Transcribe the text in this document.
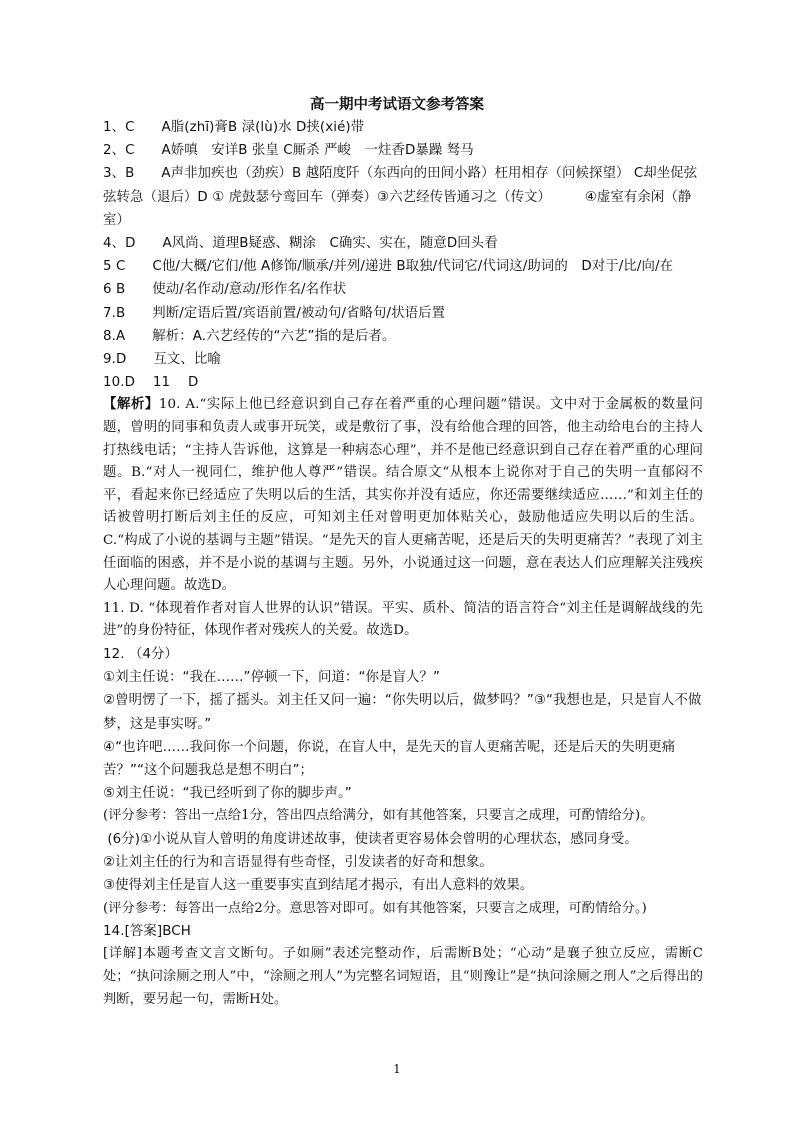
高一期中考试语文参考答案

1、C　　A脂(zhī)膏B 渌(lù)水 D挟(xié)带

2、C　　A娇嗔　安详B 张皇 C厮杀 严峻　一炷香D暴躁 驽马

3、B　　A声非加疾也（劲疾）B 越陌度阡（东西向的田间小路）枉用相存（问候探望） C却坐促弦弦转急（退后）D ① 虎鼓瑟兮鸾回车（弹奏）③六艺经传皆通习之（传文）　　　④虚室有余闲（静室）

4、D　　A风尚、道理B疑惑、糊涂　C确实、实在，随意D回头看

5 C　　C他/大概/它们/他 A修饰/顺承/并列/递进 B取独/代词它/代词这/助词的　D对于/比/向/在

6 B　　使动/名作动/意动/形作名/名作状

7.B　　判断/定语后置/宾语前置/被动句/省略句/状语后置

8.A　　解析：A.六艺经传的“六艺”指的是后者。

9.D　　互文、比喻

10.D　 11　 D

【解析】10. A.“实际上他已经意识到自己存在着严重的心理问题”错误。文中对于金属板的数量问题，曾明的同事和负责人或事开玩笑，或是敷衍了事，没有给他合理的回答，他主动给电台的主持人打热线电话；“主持人告诉他，这算是一种病态心理”，并不是他已经意识到自己存在着严重的心理问题。B.“对人一视同仁，维护他人尊严”错误。结合原文“从根本上说你对于自己的失明一直郁闷不平，看起来你已经适应了失明以后的生活，其实你并没有适应，你还需要继续适应……”和刘主任的话被曾明打断后刘主任的反应，可知刘主任对曾明更加体贴关心，鼓励他适应失明以后的生活。C.“构成了小说的基调与主题”错误。“是先天的盲人更痛苦呢，还是后天的失明更痛苦？”表现了刘主任面临的困惑，并不是小说的基调与主题。另外，小说通过这一问题，意在表达人们应理解关注残疾人心理问题。故选D。

11. D. “体现着作者对盲人世界的认识”错误。平实、质朴、简洁的语言符合“刘主任是调解战线的先进”的身份特征，体现作者对残疾人的关爱。故选D。

12. （4分）

①刘主任说：“我在……”停顿一下，问道：“你是盲人？”

②曾明愣了一下，摇了摇头。刘主任又问一遍：“你失明以后，做梦吗？”③“我想也是，只是盲人不做梦，这是事实呀。”

④“也许吧……我问你一个问题，你说，在盲人中，是先天的盲人更痛苦呢，还是后天的失明更痛苦？”“这个问题我总是想不明白”；

⑤刘主任说：“我已经听到了你的脚步声。”

(评分参考：答出一点给1分，答出四点给满分，如有其他答案，只要言之成理，可酌情给分)。

(6分)①小说从盲人曾明的角度讲述故事，使读者更容易体会曾明的心理状态，感同身受。

②让刘主任的行为和言语显得有些奇怪，引发读者的好奇和想象。

③使得刘主任是盲人这一重要事实直到结尾才揭示，有出人意料的效果。

(评分参考：每答出一点给2分。意思答对即可。如有其他答案，只要言之成理，可酌情给分。)

14.[答案]BCH

[详解]本题考查文言文断句。子如厕”表述完整动作，后需断B处；“心动”是襄子独立反应，需断C处；“执问涂厕之刑人”中，“涂厕之刑人”为完整名词短语，且“则豫让”是“执问涂厕之刑人”之后得出的判断，要另起一句，需断H处。

1
